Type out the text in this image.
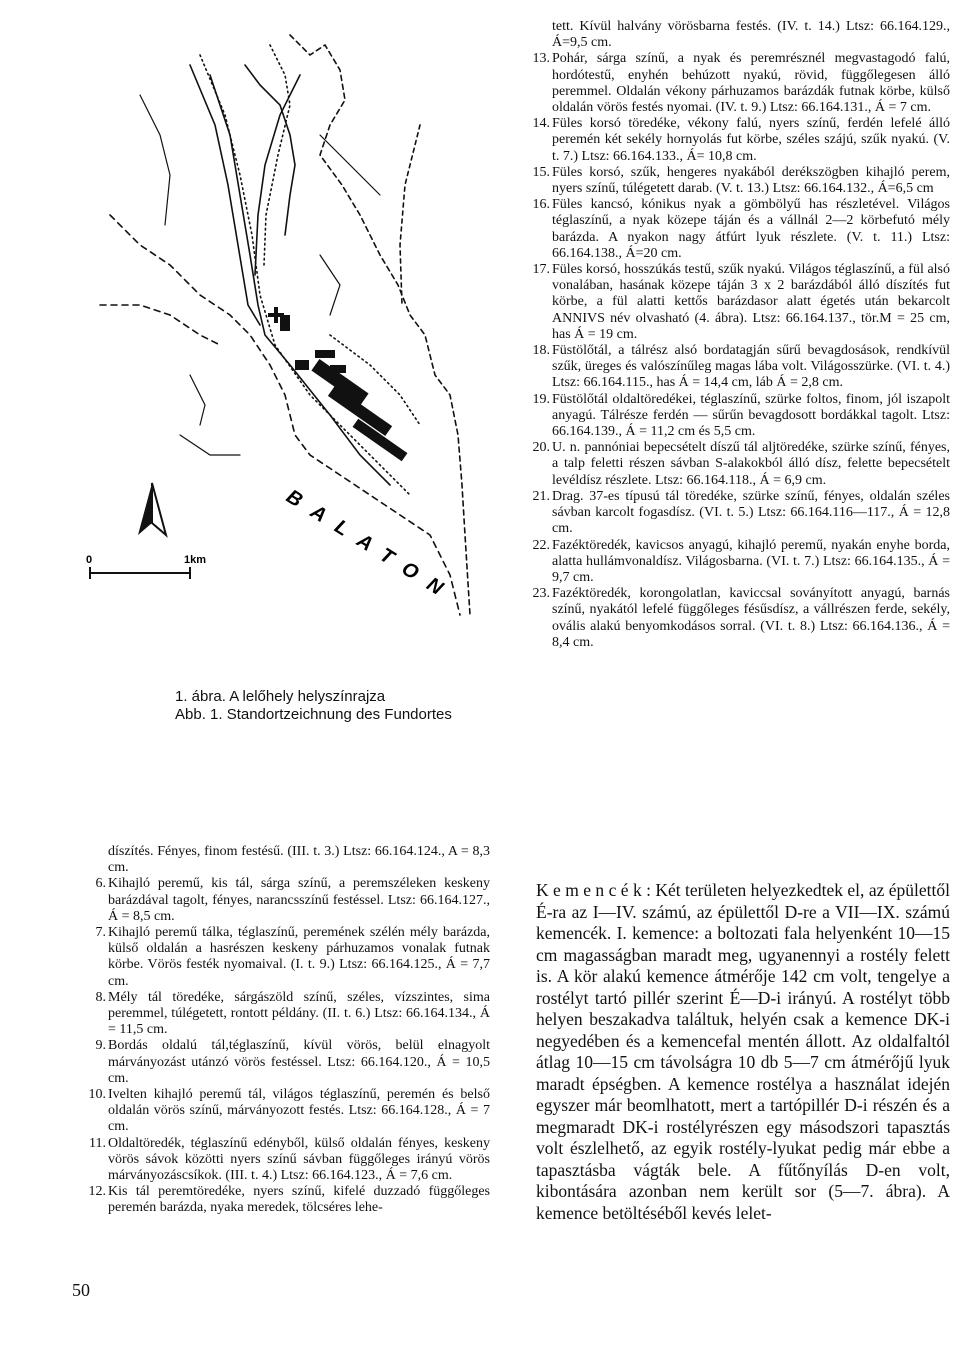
0	1km	BALATON
1. ábra. A lelőhely helyszínrajza
Abb. 1. Standortzeichnung des Fundortes
díszítés. Fényes, finom festésű. (III. t. 3.) Ltsz: 66.164.124., A = 8,3 cm.
6. Kihajló peremű, kis tál, sárga színű, a peremszéleken keskeny barázdával tagolt, fényes, narancsszínű festéssel. Ltsz: 66.164.127., Á = 8,5 cm.
7. Kihajló peremű tálka, téglaszínű, peremének szélén mély barázda, külső oldalán a hasrészen keskeny párhuzamos vonalak futnak körbe. Vörös festék nyomaival. (I. t. 9.) Ltsz: 66.164.125., Á = 7,7 cm.
8. Mély tál töredéke, sárgászöld színű, széles, vízszintes, sima peremmel, túlégetett, rontott példány. (II. t. 6.) Ltsz: 66.164.134., Á = 11,5 cm.
9. Bordás oldalú tál,téglaszínű, kívül vörös, belül elnagyolt márványozást utánzó vörös festéssel. Ltsz: 66.164.120., Á = 10,5 cm.
10. Ivelten kihajló peremű tál, világos téglaszínű, peremén és belső oldalán vörös színű, márványozott festés. Ltsz: 66.164.128., Á = 7 cm.
11. Oldaltöredék, téglaszínű edényből, külső oldalán fényes, keskeny vörös sávok közötti nyers színű sávban függőleges irányú vörös márványozáscsíkok. (III. t. 4.) Ltsz: 66.164.123., Á = 7,6 cm.
12. Kis tál peremtöredéke, nyers színű, kifelé duzzadó függőleges peremén barázda, nyaka meredek, tölcséres lehe-
tett. Kívül halvány vörösbarna festés. (IV. t. 14.) Ltsz: 66.164.129., Á=9,5 cm.
13. Pohár, sárga színű, a nyak és peremrésznél megvastagodó falú, hordótestű, enyhén behúzott nyakú, rövid, függőlegesen álló peremmel. Oldalán vékony párhuzamos barázdák futnak körbe, külső oldalán vörös festés nyomai. (IV. t. 9.) Ltsz: 66.164.131., Á = 7 cm.
14. Füles korsó töredéke, vékony falú, nyers színű, ferdén lefelé álló peremén két sekély hornyolás fut körbe, széles szájú, szűk nyakú. (V. t. 7.) Ltsz: 66.164.133., Á= 10,8 cm.
15. Füles korsó, szűk, hengeres nyakából derékszögben kihajló perem, nyers színű, túlégetett darab. (V. t. 13.) Ltsz: 66.164.132., Á=6,5 cm
16. Füles kancsó, kónikus nyak a gömbölyű has részletével. Világos téglaszínű, a nyak közepe táján és a vállnál 2—2 körbefutó mély barázda. A nyakon nagy átfúrt lyuk részlete. (V. t. 11.) Ltsz: 66.164.138., Á=20 cm.
17. Füles korsó, hosszúkás testű, szűk nyakú. Világos téglaszínű, a fül alsó vonalában, hasának közepe táján 3 x 2 barázdából álló díszítés fut körbe, a fül alatti kettős barázdasor alatt égetés után bekarcolt ANNIVS név olvasható (4. ábra). Ltsz: 66.164.137., tör.M = 25 cm, has Á = 19 cm.
18. Füstölőtál, a tálrész alsó bordatagján sűrű bevagdosások, rendkívül szűk, üreges és valószínűleg magas lába volt. Világosszürke. (VI. t. 4.) Ltsz: 66.164.115., has Á = 14,4 cm, láb Á = 2,8 cm.
19. Füstölőtál oldaltöredékei, téglaszínű, szürke foltos, finom, jól iszapolt anyagú. Tálrésze ferdén — sűrűn bevagdosott bordákkal tagolt. Ltsz: 66.164.139., Á = 11,2 cm és 5,5 cm.
20. U. n. pannóniai bepecsételt díszű tál aljtöredéke, szürke színű, fényes, a talp feletti részen sávban S-alakokból álló dísz, felette bepecsételt levéldísz részlete. Ltsz: 66.164.118., Á = 6,9 cm.
21. Drag. 37-es típusú tál töredéke, szürke színű, fényes, oldalán széles sávban karcolt fogasdísz. (VI. t. 5.) Ltsz: 66.164.116—117., Á = 12,8 cm.
22. Fazéktöredék, kavicsos anyagú, kihajló peremű, nyakán enyhe borda, alatta hullámvonaldísz. Világosbarna. (VI. t. 7.) Ltsz: 66.164.135., Á = 9,7 cm.
23. Fazéktöredék, korongolatlan, kaviccsal soványított anyagú, barnás színű, nyakától lefelé függőleges fésűsdísz, a vállrészen ferde, sekély, ovális alakú benyomkodásos sorral. (VI. t. 8.) Ltsz: 66.164.136., Á = 8,4 cm.
K e m e n c é k : Két területen helyezkedtek el, az épülettől É-ra az I—IV. számú, az épülettől D-re a VII—IX. számú kemencék. I. kemence: a boltozati fala helyenként 10—15 cm magasságban maradt meg, ugyanennyi a rostély felett is. A kör alakú kemence átmérője 142 cm volt, tengelye a rostélyt tartó pillér szerint É—D-i irányú. A rostélyt több helyen beszakadva találtuk, helyén csak a kemence DK-i negyedében és a kemencefal mentén állott. Az oldalfaltól átlag 10—15 cm távolságra 10 db 5—7 cm átmérőjű lyuk maradt épségben. A kemence rostélya a használat idején egyszer már beomlhatott, mert a tartópillér D-i részén és a megmaradt DK-i rostélyrészen egy másodszori tapasztás volt észlelhető, az egyik rostély-lyukat pedig már ebbe a tapasztásba vágták bele. A fűtőnyílás D-en volt, kibontására azonban nem került sor (5—7. ábra). A kemence betöltéséből kevés lelet-
50
